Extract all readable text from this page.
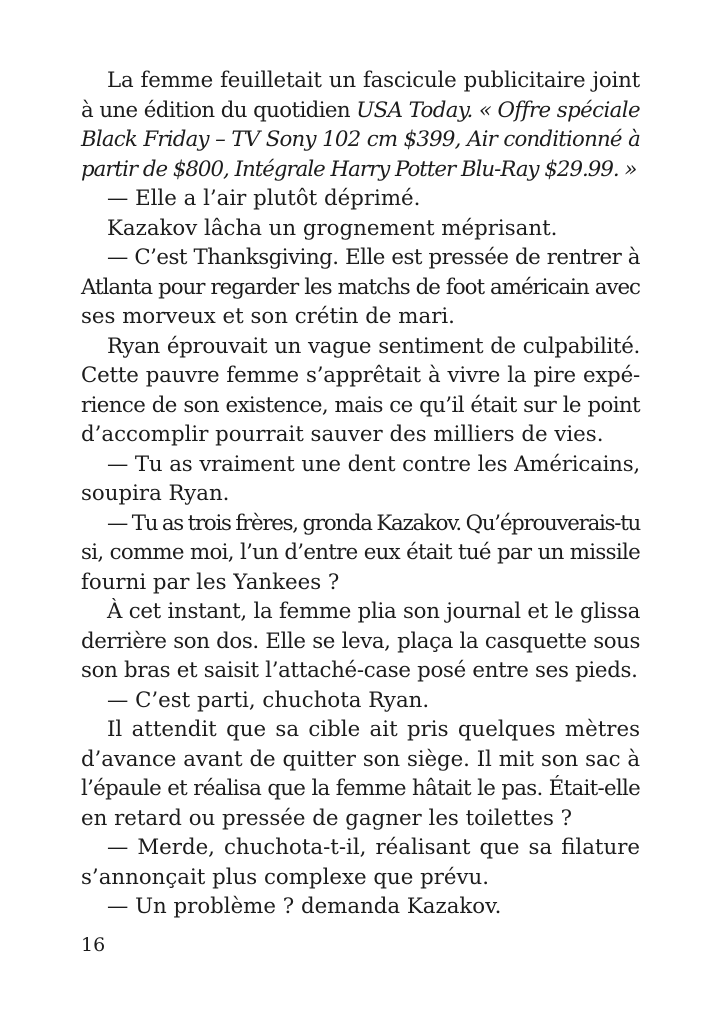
La femme feuilletait un fascicule publicitaire joint
à une édition du quotidien USA Today. « Offre spéciale
Black Friday – TV Sony 102 cm $399, Air conditionné à
partir de $800, Intégrale Harry Potter Blu-Ray $29.99. »
— Elle a l’air plutôt déprimé.
Kazakov lâcha un grognement méprisant.
— C’est Thanksgiving. Elle est pressée de rentrer à
Atlanta pour regarder les matchs de foot américain avec
ses morveux et son crétin de mari.
Ryan éprouvait un vague sentiment de culpabilité.
Cette pauvre femme s’apprêtait à vivre la pire expé-
rience de son existence, mais ce qu’il était sur le point
d’accomplir pourrait sauver des milliers de vies.
— Tu as vraiment une dent contre les Américains,
soupira Ryan.
— Tu as trois frères, gronda Kazakov. Qu’éprouverais-tu
si, comme moi, l’un d’entre eux était tué par un missile
fourni par les Yankees ?
À cet instant, la femme plia son journal et le glissa
derrière son dos. Elle se leva, plaça la casquette sous
son bras et saisit l’attaché-case posé entre ses pieds.
— C’est parti, chuchota Ryan.
Il attendit que sa cible ait pris quelques mètres
d’avance avant de quitter son siège. Il mit son sac à
l’épaule et réalisa que la femme hâtait le pas. Était-elle
en retard ou pressée de gagner les toilettes ?
— Merde, chuchota-t-il, réalisant que sa filature
s’annonçait plus complexe que prévu.
— Un problème ? demanda Kazakov.
16
